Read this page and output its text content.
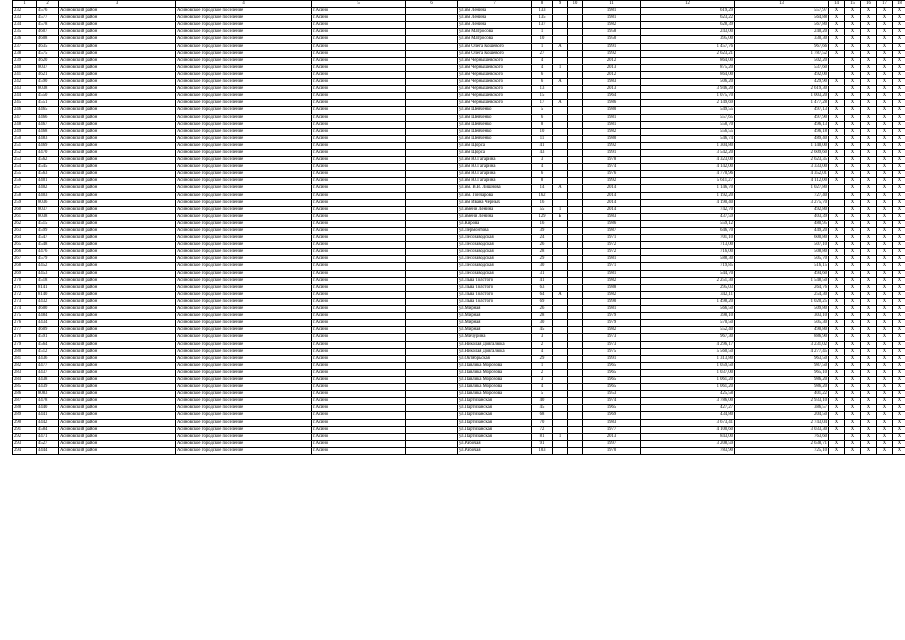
1	2	3	4	5	6	7	8	9	10	11	12	13	14	15	16	17	18
232	4576	Асиновский район	Асиновское городское поселение	г.Асино		ул.им Ленина	133			1981	619,29	557,97	Х	Х	Х	Х	Х
233	4577	Асиновский район	Асиновское городское поселение	г.Асино		ул.им Ленина	135			1981	623,22	564,88	Х	Х	Х	Х	Х
234	4578	Асиновский район	Асиновское городское поселение	г.Асино		ул.им Ленина	137			1982	628,39	567,80	Х	Х	Х	Х	Х
235	4607	Асиновский район	Асиновское городское поселение	г.Асино		ул.им Матросова	1			1958	243,00	240,20	Х	Х	Х	Х	Х
236	4608	Асиновский район	Асиновское городское поселение	г.Асино		ул.им Матросова	10			1950	395,00	330,30	Х	Х	Х	Х	Х
237	4635	Асиновский район	Асиновское городское поселение	г.Асино		ул.им Олега Кошевого	1	А		1991	1 457,76	967,66	Х	Х	Х	Х	Х
238	4575	Асиновский район	Асиновское городское поселение	г.Асино		ул.им Олега Кошевого	27			1992	2 623,21	1 787,52	Х	Х	Х	Х	Х
239	4620	Асиновский район	Асиновское городское поселение	г.Асино		ул.им Чернышевского	4			2012	864,00	502,20		Х	Х	Х	Х
240	8037	Асиновский район	Асиновское городское поселение	г.Асино		ул.им Чернышевского	4	1		2013	875,20	537,60		Х	Х	Х	Х
241	4621	Асиновский район	Асиновское городское поселение	г.Асино		ул.им Чернышевского	6			2012	864,00	492,00		Х	Х	Х	Х
242	4590	Асиновский район	Асиновское городское поселение	г.Асино		ул.им Чернышевского	6	А		1983	506,20	429,90	Х	Х	Х	Х	Х
243	8038	Асиновский район	Асиновское городское поселение	г.Асино		ул.им Чернышевского	13			2013	3 946,20	2 619,30		Х	Х	Х	Х
244	4550	Асиновский район	Асиновское городское поселение	г.Асино		ул.им Чернышевского	15			1964	1 075,70	1 003,20	Х	Х	Х	Х	Х
245	4551	Асиновский район	Асиновское городское поселение	г.Асино		ул.им Чернышевского	17	А		1986	2 149,69	1 477,28	Х	Х	Х	Х	Х
246	4465	Асиновский район	Асиновское городское поселение	г.Асино		ул.им Шевченко	5			1980	549,55	497,13	Х	Х	Х	Х	Х
247	4466	Асиновский район	Асиновское городское поселение	г.Асино		ул.им Шевченко	6			1981	557,65	497,90	Х	Х	Х	Х	Х
248	4467	Асиновский район	Асиновское городское поселение	г.Асино		ул.им Шевченко	8			1981	558,70	496,13	Х	Х	Х	Х	Х
249	4468	Асиновский район	Асиновское городское поселение	г.Асино		ул.им Шевченко	10			1982	556,55	496,18	Х	Х	Х	Х	Х
250	4483	Асиновский район	Асиновское городское поселение	г.Асино		ул.им Шевченко	11			1980	546,74	489,40	Х	Х	Х	Х	Х
251	4469	Асиновский район	Асиновское городское поселение	г.Асино		ул.им Щорса	41			1992	1 304,80	1 140,00	Х	Х	Х	Х	Х
252	4470	Асиновский район	Асиновское городское поселение	г.Асино		ул.им Щорса	43			1991	3 542,20	2 609,60	Х	Х	Х	Х	Х
253	4562	Асиновский район	Асиновское городское поселение	г.Асино		ул.им Ю.Гагарина	3			1978	4 323,00	2 623,35	Х	Х	Х	Х	Х
254	4545	Асиновский район	Асиновское городское поселение	г.Асино		ул.им Ю.Гагарина	4			1974	4 142,00	3 333,00	Х	Х	Х	Х	Х
255	4563	Асиновский район	Асиновское городское поселение	г.Асино		ул.им Ю.Гагарина	6			1976	4 770,96	4 352,01	Х	Х	Х	Х	Х
256	4401	Асиновский район	Асиновское городское поселение	г.Асино		ул.им Ю.Гагарина	8			1992	5 611,27	4 112,00	Х	Х	Х	Х	Х
257	4402	Асиновский район	Асиновское городское поселение	г.Асино		ул.им. В.В. Лишнова	14	А		2014	1 146,70	1 027,80		Х	Х	Х	Х
258	4403	Асиновский район	Асиновское городское поселение	г.Асино		ул.им. Гончарова	162			2014	1 192,20	727,40		Х	Х	Х	Х
259	8036	Асиновский район	Асиновское городское поселение	г.Асино		ул.им Ивана Черных	16			2014	4 190,40	3 275,70		Х	Х	Х	Х
260	8037	Асиновский район	Асиновское городское поселение	г.Асино		ул.имени Ленина	55	1		2014	742,70	492,80		Х	Х	Х	Х
261	8038	Асиновский район	Асиновское городское поселение	г.Асино		ул.имени Ленина	129	Б		1983	437,59	403,39	Х	Х	Х	Х	Х
262	4515	Асиновский район	Асиновское городское поселение	г.Асино		ул.Кирова	16			1986	559,12	480,95	Х	Х	Х	Х	Х
263	4599	Асиновский район	Асиновское городское поселение	г.Асино		ул.Лермонтова	39			1987	646,70	449,20	Х	Х	Х	Х	Х
264	4547	Асиновский район	Асиновское городское поселение	г.Асино		ул.Лесозаводская	24			1971	701,10	600,80	Х	Х	Х	Х	Х
265	4548	Асиновский район	Асиновское городское поселение	г.Асино		ул.Лесозаводская	26			1972	713,00	507,10	Х	Х	Х	Х	Х
266	4476	Асиновский район	Асиновское городское поселение	г.Асино		ул.Лесозаводская	28			1972	716,00	508,80	Х	Х	Х	Х	Х
267	4579	Асиновский район	Асиновское городское поселение	г.Асино		ул.Лесозаводская	29			1981	588,30	505,70	Х	Х	Х	Х	Х
268	4452	Асиновский район	Асиновское городское поселение	г.Асино		ул.Лесозаводская	30			1971	719,85	516,15	Х	Х	Х	Х	Х
269	4453	Асиновский район	Асиновское городское поселение	г.Асино		ул.Лесозаводская	31			1981	544,70	494,60	Х	Х	Х	Х	Х
270	4518	Асиновский район	Асиновское городское поселение	г.Асино		ул.Льва Толстого	41			1982	2 251,30	1 548,50	Х	Х	Х	Х	Х
271	8141	Асиновский район	Асиновское городское поселение	г.Асино		ул.Льва Толстого	63			1988	295,03	264,76	Х	Х	Х	Х	Х
272	8140	Асиновский район	Асиновское городское поселение	г.Асино		ул.Льва Толстого	64	А		1982	342,11	254,30	Х	Х	Х	Х	Х
273	4432	Асиновский район	Асиновское городское поселение	г.Асино		ул.Льва Толстого	69			1990	1 498,20	1 020,25	Х	Х	Х	Х	Х
274	4600	Асиновский район	Асиновское городское поселение	г.Асино		ул.Мирная	26			1981	566,50	509,80	Х	Х	Х	Х	Х
275	4484	Асиновский район	Асиновское городское поселение	г.Асино		ул.Мирная	28			1979	398,10	303,10	Х	Х	Х	Х	Х
276	4434	Асиновский район	Асиновское городское поселение	г.Асино		ул.Мирная	30			1979	570,50	505,30	Х	Х	Х	Х	Х
277	4609	Асиновский район	Асиновское городское поселение	г.Асино		ул.Мирная	45			1982	552,40	490,80	Х	Х	Х	Х	Х
278	4591	Асиновский район	Асиновское городское поселение	г.Асино		ул.Мичурина	3			1973	967,30	886,90	Х	Х	Х	Х	Х
279	4564	Асиновский район	Асиновское городское поселение	г.Асино		ул.Николая Довгалюка	2			1973	4 296,17	3 231,02	Х	Х	Х	Х	Х
280	4512	Асиновский район	Асиновское городское поселение	г.Асино		ул.Николая Довгалюка	4			1975	5 560,50	4 277,45	Х	Х	Х	Х	Х
281	4436	Асиновский район	Асиновское городское поселение	г.Асино		ул.Октябрьская	29			1991	1 313,80	963,50	Х	Х	Х	Х	Х
282	4477	Асиновский район	Асиновское городское поселение	г.Асино		ул.Павлика Морозова	1			1965	1 059,50	987,50	Х	Х	Х	Х	Х
283	4437	Асиновский район	Асиновское городское поселение	г.Асино		ул.Павлика Морозова	2			1965	1 037,00	965,10	Х	Х	Х	Х	Х
284	4438	Асиновский район	Асиновское городское поселение	г.Асино		ул.Павлика Морозова	3			1965	1 061,20	986,20	Х	Х	Х	Х	Х
285	4439	Асиновский район	Асиновское городское поселение	г.Асино		ул.Павлика Морозова	4			1965	1 061,20	986,20	Х	Х	Х	Х	Х
286	8083	Асиновский район	Асиновское городское поселение	г.Асино		ул.Павлика Морозова	5			1953	425,58	401,22	Х	Х	Х	Х	Х
287	4478	Асиновский район	Асиновское городское поселение	г.Асино		ул.Партизанская	40			1974	3 786,00	2 933,10	Х	Х	Х	Х	Х
288	4440	Асиновский район	Асиновское городское поселение	г.Асино		ул.Партизанская	45			1965	427,27	386,57	Х	Х	Х	Х	Х
289	4441	Асиновский район	Асиновское городское поселение	г.Асино		ул.Партизанская	68			1969	434,80	204,50	Х	Х	Х	Х	Х
290	4442	Асиновский район	Асиновское городское поселение	г.Асино		ул.Партизанская	70			1983	3 673,41	2 743,04	Х	Х	Х	Х	Х
291	4584	Асиновский район	Асиновское городское поселение	г.Асино		ул.Партизанская	72			1977	4 100,60	3 033,30	Х	Х	Х	Х	Х
292	4471	Асиновский район	Асиновское городское поселение	г.Асино		ул.Партизанская	81	1		2013	843,00	763,60		Х	Х	Х	Х
293	4527	Асиновский район	Асиновское городское поселение	г.Асино		ул.Рабочая	91			1997	3 208,59	2 638,71	Х	Х	Х	Х	Х
294	4444	Асиновский район	Асиновское городское поселение	г.Асино		ул.Рабочая	103			1970	783,90	725,10	Х	Х	Х	Х	Х
